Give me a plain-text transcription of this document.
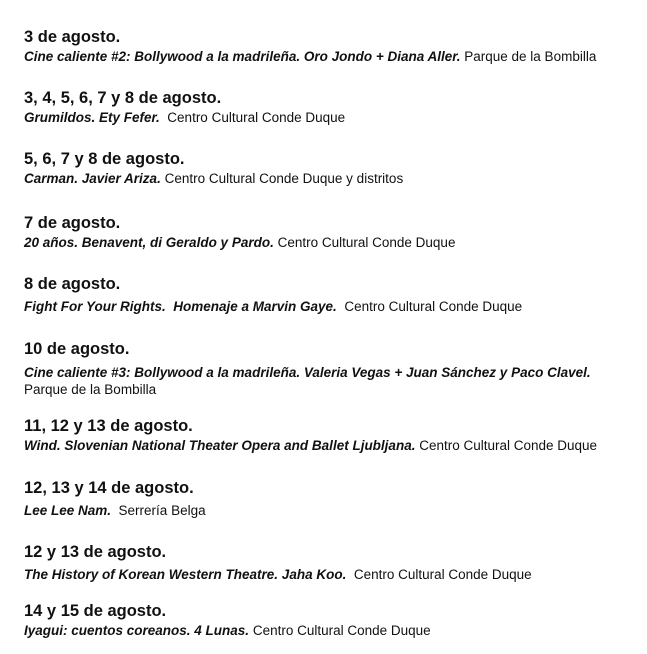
3 de agosto.
Cine caliente #2: Bollywood a la madrileña. Oro Jondo + Diana Aller. Parque de la Bombilla
3, 4, 5, 6, 7 y 8 de agosto.
Grumildos. Ety Fefer.  Centro Cultural Conde Duque
5, 6, 7 y 8 de agosto.
Carman. Javier Ariza. Centro Cultural Conde Duque y distritos
7 de agosto.
20 años. Benavent, di Geraldo y Pardo. Centro Cultural Conde Duque
8 de agosto.
Fight For Your Rights.  Homenaje a Marvin Gaye.  Centro Cultural Conde Duque
10 de agosto.
Cine caliente #3: Bollywood a la madrileña. Valeria Vegas + Juan Sánchez y Paco Clavel.
Parque de la Bombilla
11, 12 y 13 de agosto.
Wind. Slovenian National Theater Opera and Ballet Ljubljana. Centro Cultural Conde Duque
12, 13 y 14 de agosto.
Lee Lee Nam.  Serrería Belga
12 y 13 de agosto.
The History of Korean Western Theatre. Jaha Koo.  Centro Cultural Conde Duque
14 y 15 de agosto.
Iyagui: cuentos coreanos. 4 Lunas. Centro Cultural Conde Duque
